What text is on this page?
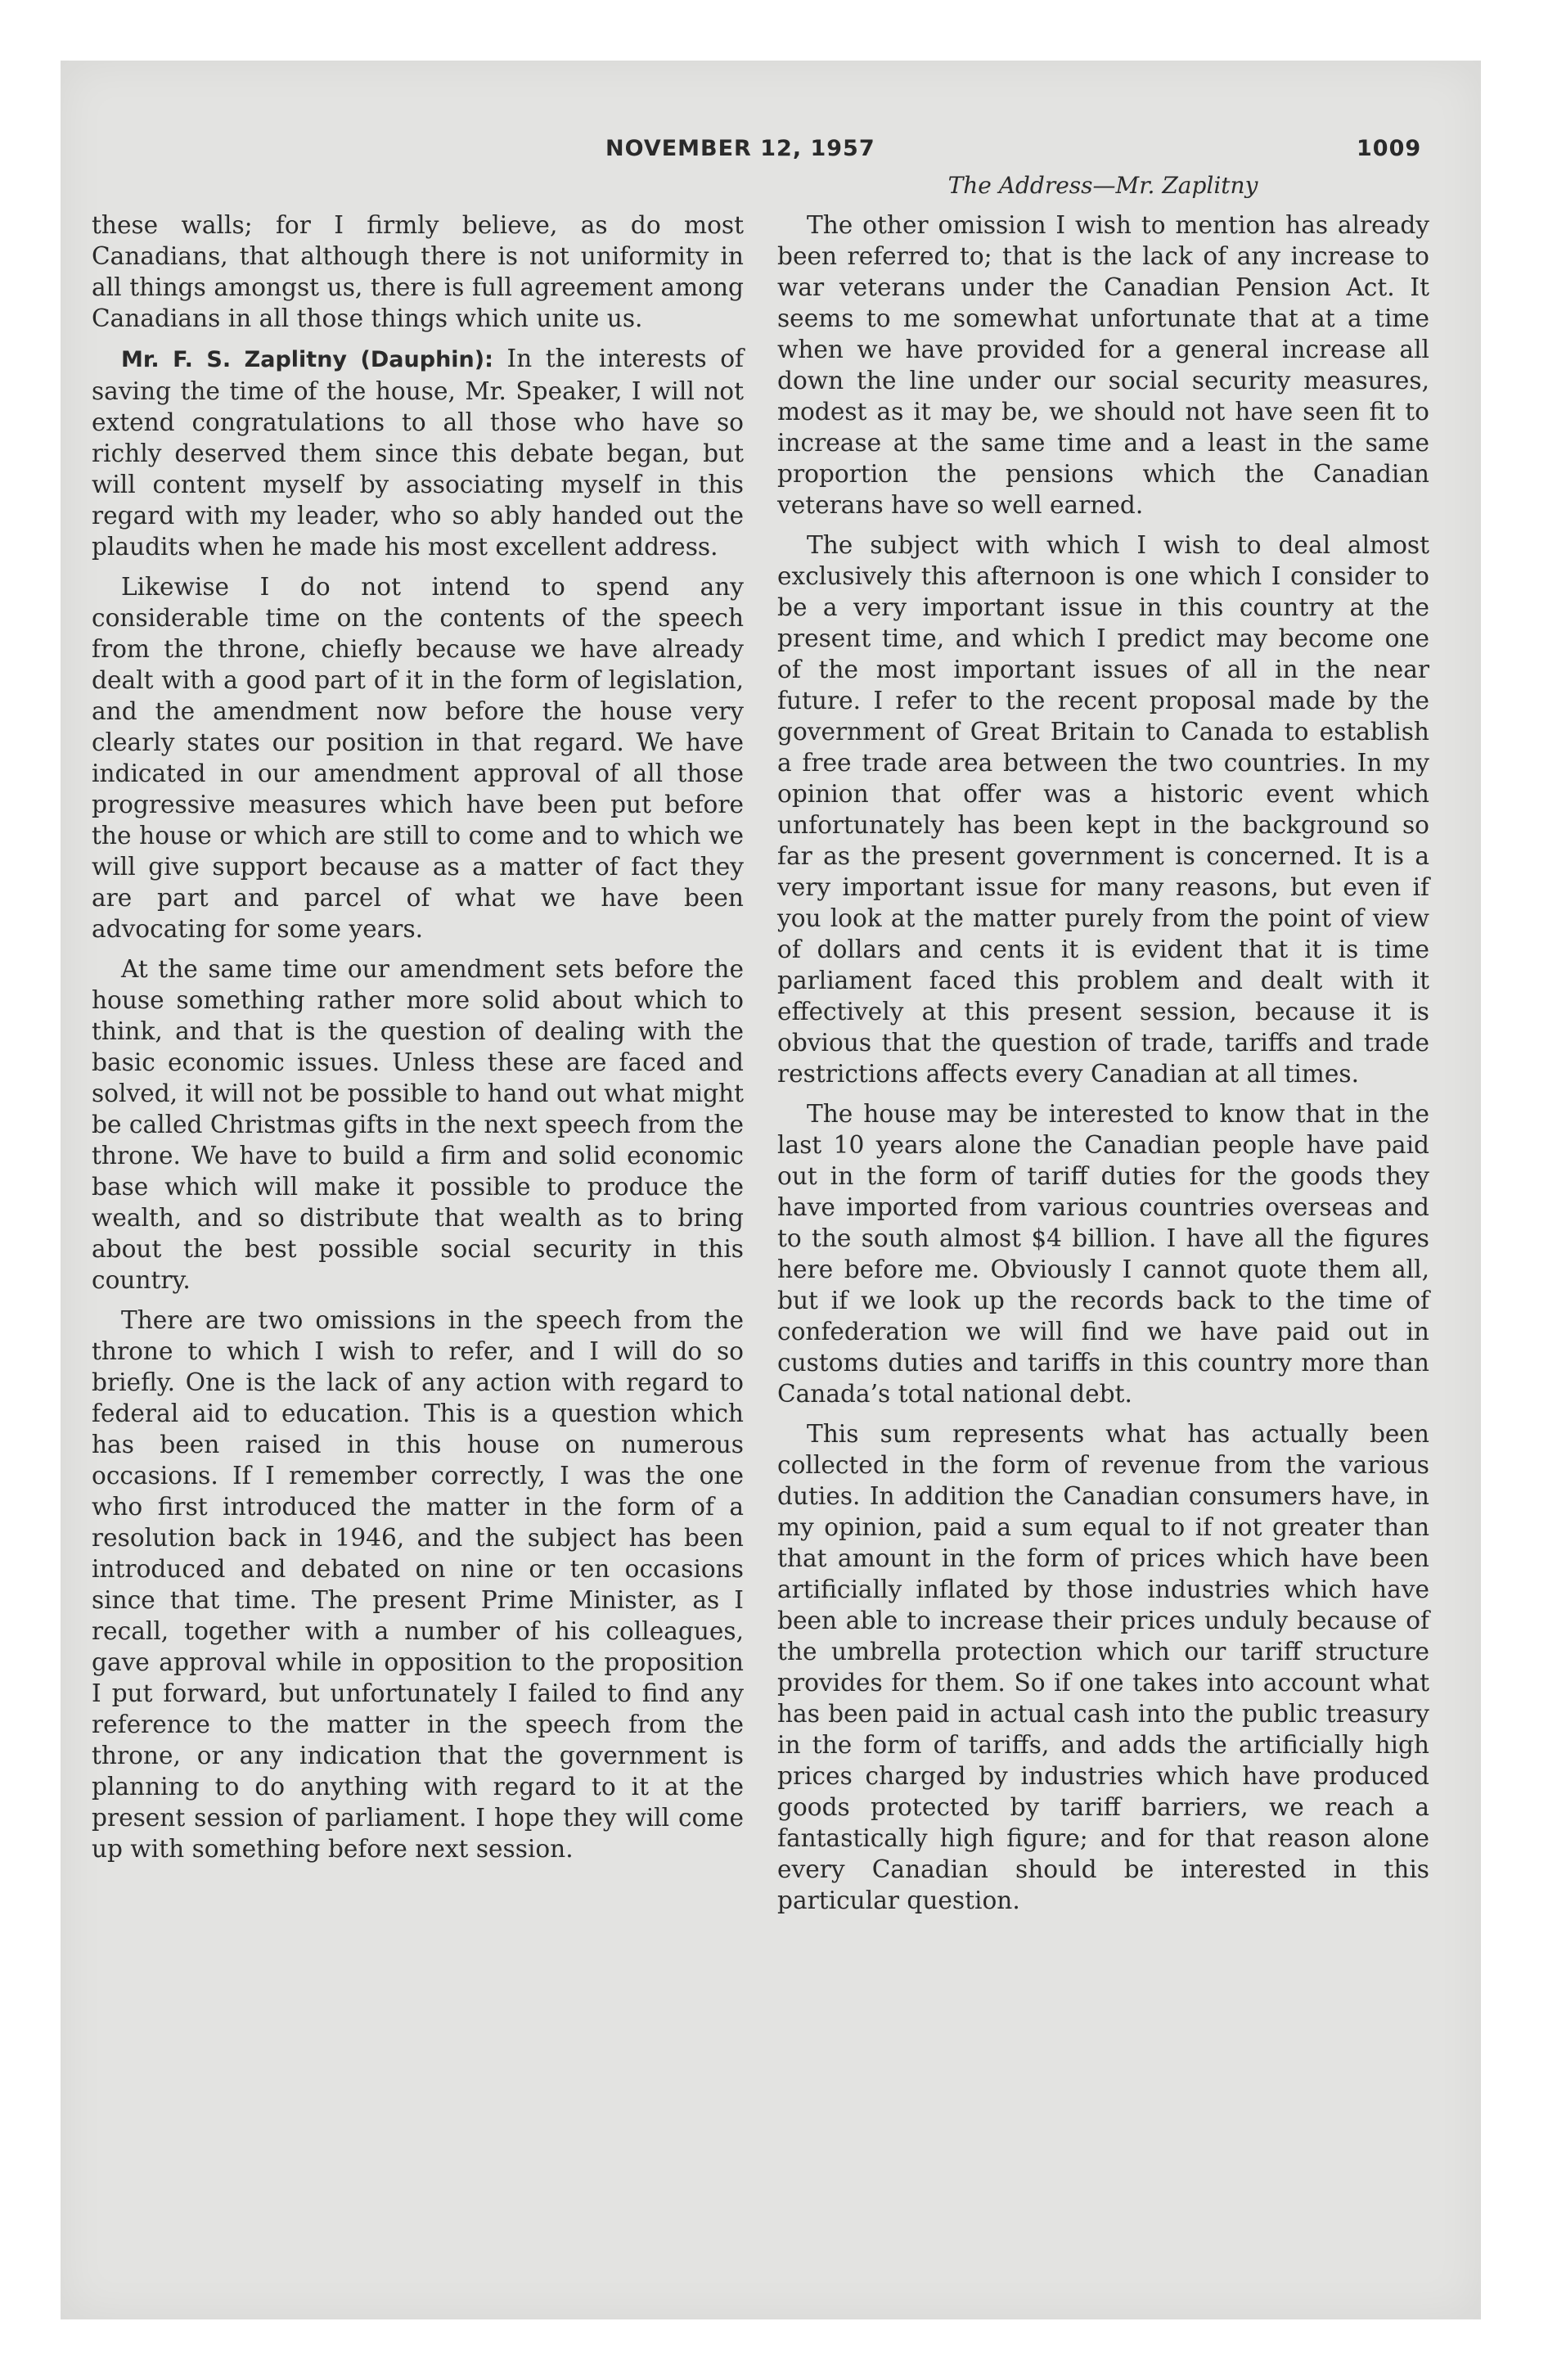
NOVEMBER 12, 1957	1009
The Address—Mr. Zaplitny

these walls; for I firmly believe, as do most Canadians, that although there is not uniformity in all things amongst us, there is full agreement among Canadians in all those things which unite us.

Mr. F. S. Zaplitny (Dauphin): In the interests of saving the time of the house, Mr. Speaker, I will not extend congratulations to all those who have so richly deserved them since this debate began, but will content myself by associating myself in this regard with my leader, who so ably handed out the plaudits when he made his most excellent address.

Likewise I do not intend to spend any considerable time on the contents of the speech from the throne, chiefly because we have already dealt with a good part of it in the form of legislation, and the amendment now before the house very clearly states our position in that regard. We have indicated in our amendment approval of all those progressive measures which have been put before the house or which are still to come and to which we will give support because as a matter of fact they are part and parcel of what we have been advocating for some years.

At the same time our amendment sets before the house something rather more solid about which to think, and that is the question of dealing with the basic economic issues. Unless these are faced and solved, it will not be possible to hand out what might be called Christmas gifts in the next speech from the throne. We have to build a firm and solid economic base which will make it possible to produce the wealth, and so distribute that wealth as to bring about the best possible social security in this country.

There are two omissions in the speech from the throne to which I wish to refer, and I will do so briefly. One is the lack of any action with regard to federal aid to education. This is a question which has been raised in this house on numerous occasions. If I remember correctly, I was the one who first introduced the matter in the form of a resolution back in 1946, and the subject has been introduced and debated on nine or ten occasions since that time. The present Prime Minister, as I recall, together with a number of his colleagues, gave approval while in opposition to the proposition I put forward, but unfortunately I failed to find any reference to the matter in the speech from the throne, or any indication that the government is planning to do anything with regard to it at the present session of parliament. I hope they will come up with something before next session.

The other omission I wish to mention has already been referred to; that is the lack of any increase to war veterans under the Canadian Pension Act. It seems to me somewhat unfortunate that at a time when we have provided for a general increase all down the line under our social security measures, modest as it may be, we should not have seen fit to increase at the same time and a least in the same proportion the pensions which the Canadian veterans have so well earned.

The subject with which I wish to deal almost exclusively this afternoon is one which I consider to be a very important issue in this country at the present time, and which I predict may become one of the most important issues of all in the near future. I refer to the recent proposal made by the government of Great Britain to Canada to establish a free trade area between the two countries. In my opinion that offer was a historic event which unfortunately has been kept in the background so far as the present government is concerned. It is a very important issue for many reasons, but even if you look at the matter purely from the point of view of dollars and cents it is evident that it is time parliament faced this problem and dealt with it effectively at this present session, because it is obvious that the question of trade, tariffs and trade restrictions affects every Canadian at all times.

The house may be interested to know that in the last 10 years alone the Canadian people have paid out in the form of tariff duties for the goods they have imported from various countries overseas and to the south almost $4 billion. I have all the figures here before me. Obviously I cannot quote them all, but if we look up the records back to the time of confederation we will find we have paid out in customs duties and tariffs in this country more than Canada’s total national debt.

This sum represents what has actually been collected in the form of revenue from the various duties. In addition the Canadian consumers have, in my opinion, paid a sum equal to if not greater than that amount in the form of prices which have been artificially inflated by those industries which have been able to increase their prices unduly because of the umbrella protection which our tariff structure provides for them. So if one takes into account what has been paid in actual cash into the public treasury in the form of tariffs, and adds the artificially high prices charged by industries which have produced goods protected by tariff barriers, we reach a fantastically high figure; and for that reason alone every Canadian should be interested in this particular question.
